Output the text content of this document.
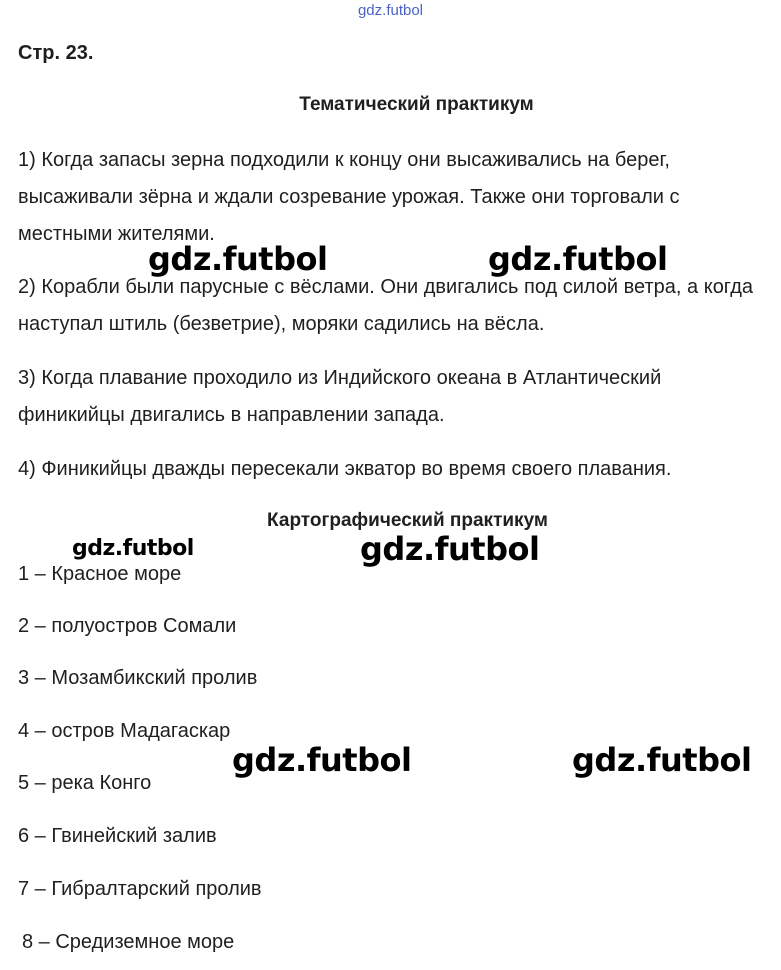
gdz.futbol
Стр. 23.
Тематический практикум
1) Когда запасы зерна подходили к концу они высаживались на берег, высаживали зёрна и ждали созревание урожая. Также они торговали с местными жителями.
2) Корабли были парусные с вёслами. Они двигались под силой ветра, а когда наступал штиль (безветрие), моряки садились на вёсла.
3) Когда плавание проходило из Индийского океана в Атлантический финикийцы двигались в направлении запада.
4) Финикийцы дважды пересекали экватор во время своего плавания.
Картографический практикум
1 – Красное море
2 – полуостров Сомали
3 – Мозамбикский пролив
4 – остров Мадагаскар
5 – река Конго
6 – Гвинейский залив
7 – Гибралтарский пролив
8 – Средиземное море
gdz.futbol	gdz.futbol
gdz.futbol	gdz.futbol
gdz.futbol	gdz.futbol
